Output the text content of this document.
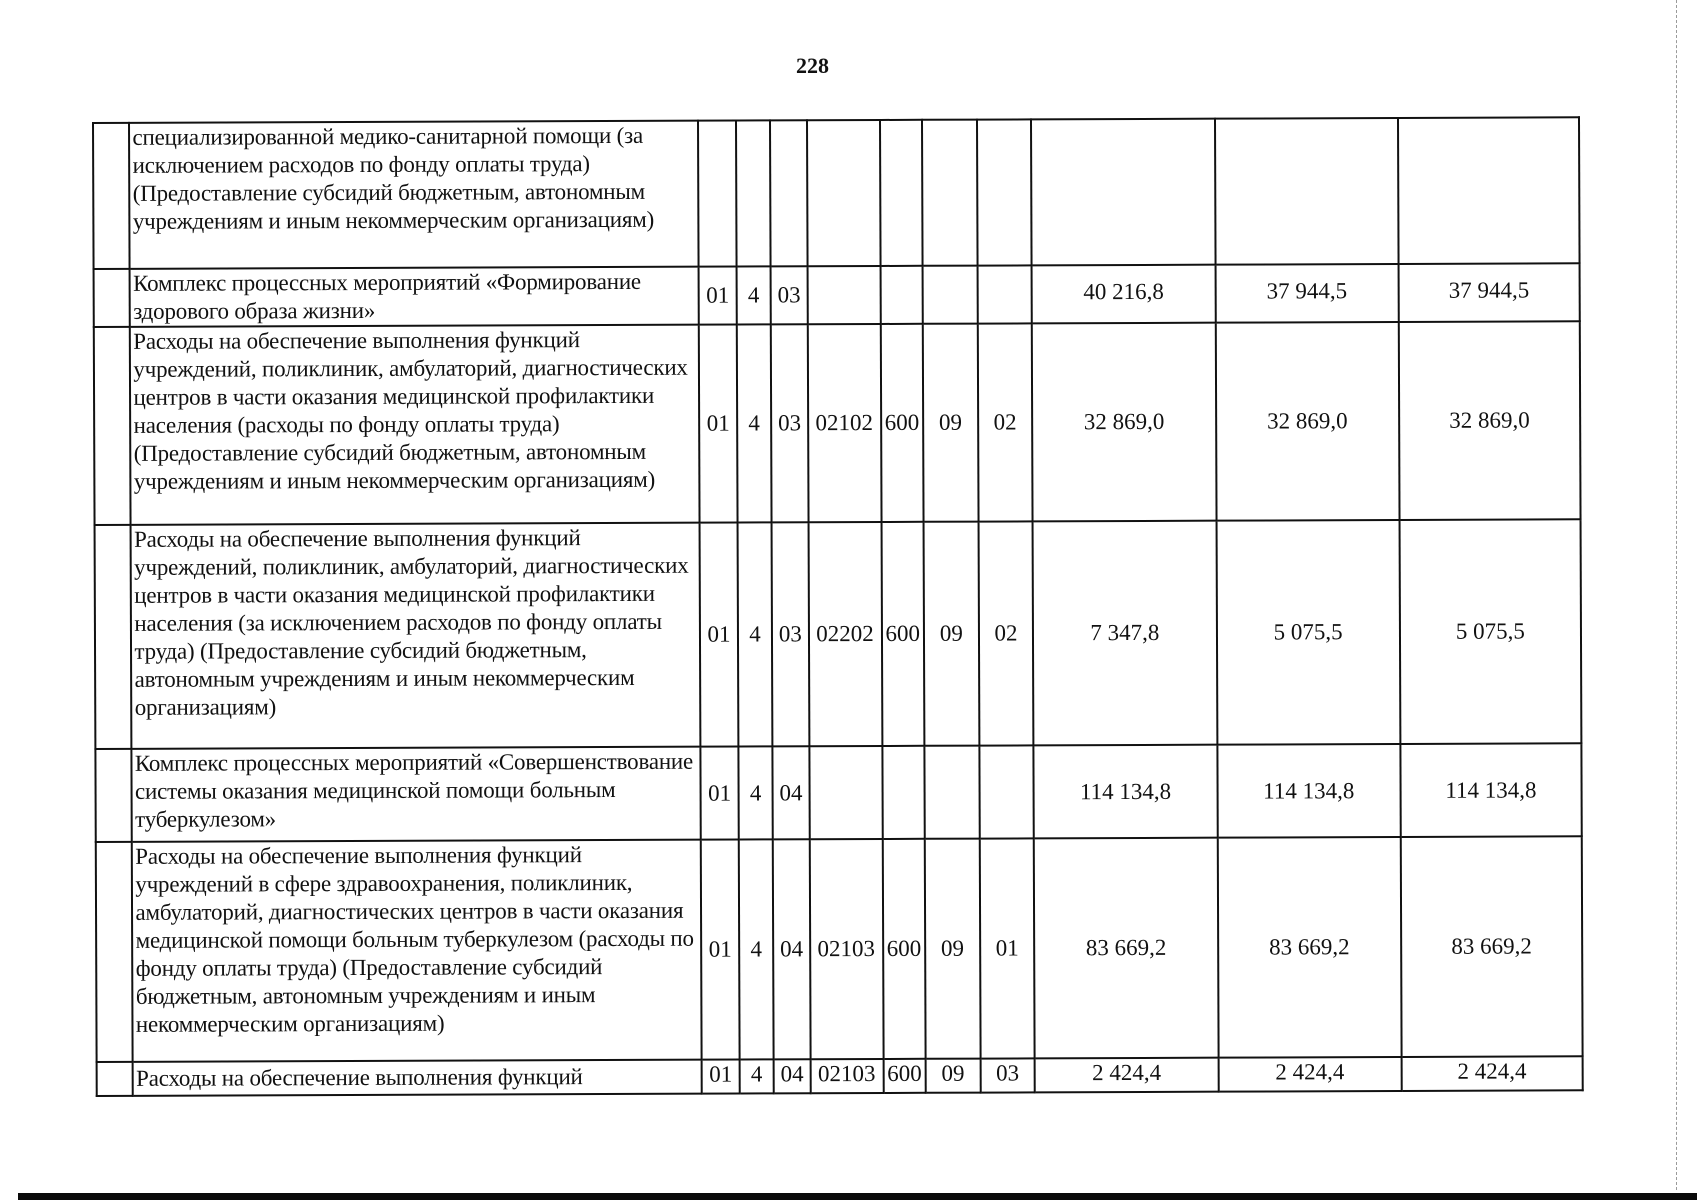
228
	специализированной медико-санитарной помощи (за исключением расходов по фонду оплаты труда) (Предоставление субсидий бюджетным, автономным учреждениям и иным некоммерческим организациям)										
	Комплекс процессных мероприятий «Формирование здорового образа жизни»	01	4	03					40 216,8	37 944,5	37 944,5
	Расходы на обеспечение выполнения функций учреждений, поликлиник, амбулаторий, диагностических центров в части оказания медицинской профилактики населения (расходы по фонду оплаты труда) (Предоставление субсидий бюджетным, автономным учреждениям и иным некоммерческим организациям)	01	4	03	02102	600	09	02	32 869,0	32 869,0	32 869,0
	Расходы на обеспечение выполнения функций учреждений, поликлиник, амбулаторий, диагностических центров в части оказания медицинской профилактики населения (за исключением расходов по фонду оплаты труда) (Предоставление субсидий бюджетным, автономным учреждениям и иным некоммерческим организациям)	01	4	03	02202	600	09	02	7 347,8	5 075,5	5 075,5
	Комплекс процессных мероприятий «Совершенствование системы оказания медицинской помощи больным туберкулезом»	01	4	04					114 134,8	114 134,8	114 134,8
	Расходы на обеспечение выполнения функций учреждений в сфере здравоохранения, поликлиник, амбулаторий, диагностических центров в части оказания медицинской помощи больным туберкулезом (расходы по фонду оплаты труда) (Предоставление субсидий бюджетным, автономным учреждениям и иным некоммерческим организациям)	01	4	04	02103	600	09	01	83 669,2	83 669,2	83 669,2
	Расходы на обеспечение выполнения функций	01	4	04	02103	600	09	03	2 424,4	2 424,4	2 424,4
